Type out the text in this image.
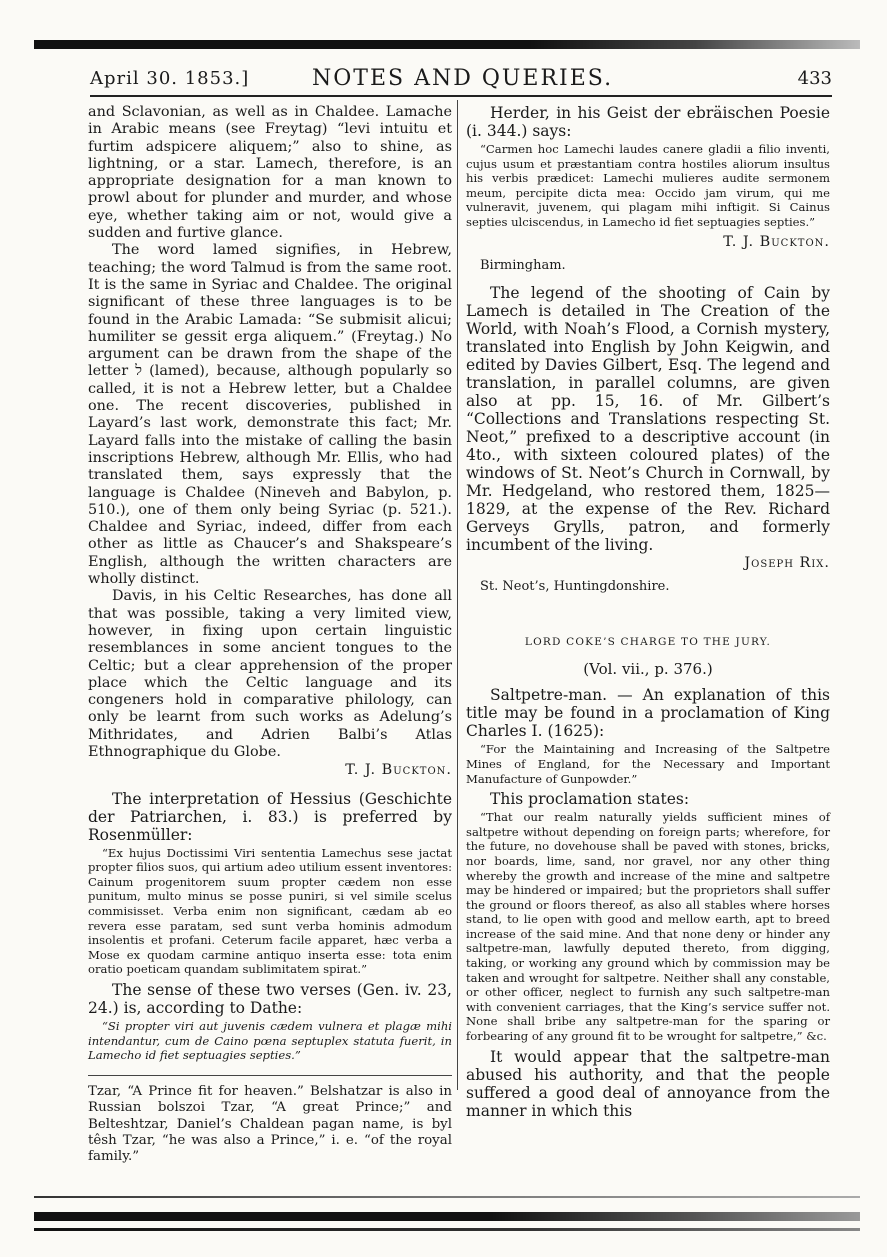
April 30. 1853.]	NOTES AND QUERIES.	433

and Sclavonian, as well as in Chaldee. Lamache in Arabic means (see Freytag) “levi intuitu et furtim adspicere aliquem;” also to shine, as lightning, or a star. Lamech, therefore, is an appropriate designation for a man known to prowl about for plunder and murder, and whose eye, whether taking aim or not, would give a sudden and furtive glance.

The word lamed signifies, in Hebrew, teaching; the word Talmud is from the same root. It is the same in Syriac and Chaldee. The original significant of these three languages is to be found in the Arabic Lamada: “Se submisit alicui; humiliter se gessit erga aliquem.” (Freytag.) No argument can be drawn from the shape of the letter ל (lamed), because, although popularly so called, it is not a Hebrew letter, but a Chaldee one. The recent discoveries, published in Layard’s last work, demonstrate this fact; Mr. Layard falls into the mistake of calling the basin inscriptions Hebrew, although Mr. Ellis, who had translated them, says expressly that the language is Chaldee (Nineveh and Babylon, p. 510.), one of them only being Syriac (p. 521.). Chaldee and Syriac, indeed, differ from each other as little as Chaucer’s and Shakspeare’s English, although the written characters are wholly distinct.

Davis, in his Celtic Researches, has done all that was possible, taking a very limited view, however, in fixing upon certain linguistic resemblances in some ancient tongues to the Celtic; but a clear apprehension of the proper place which the Celtic language and its congeners hold in comparative philology, can only be learnt from such works as Adelung’s Mithridates, and Adrien Balbi’s Atlas Ethnographique du Globe.

T. J. Buckton.

The interpretation of Hessius (Geschichte der Patriarchen, i. 83.) is preferred by Rosenmüller:

“Ex hujus Doctissimi Viri sententia Lamechus sese jactat propter filios suos, qui artium adeo utilium essent inventores: Cainum progenitorem suum propter cædem non esse punitum, multo minus se posse puniri, si vel simile scelus commisisset. Verba enim non significant, cædam ab eo revera esse paratam, sed sunt verba hominis admodum insolentis et profani. Ceterum facile apparet, hæc verba a Mose ex quodam carmine antiquo inserta esse: tota enim oratio poeticam quandam sublimitatem spirat.”

The sense of these two verses (Gen. iv. 23, 24.) is, according to Dathe:

“Si propter viri aut juvenis cædem vulnera et plagæ mihi intendantur, cum de Caino pœna septuplex statuta fuerit, in Lamecho id fiet septuagies septies.”

Tzar, “A Prince fit for heaven.” Belshatzar is also in Russian bolszoi Tzar, “A great Prince;” and Belteshtzar, Daniel’s Chaldean pagan name, is byl têsh Tzar, “he was also a Prince,” i. e. “of the royal family.”

Herder, in his Geist der ebräischen Poesie (i. 344.) says:

“Carmen hoc Lamechi laudes canere gladii a filio inventi, cujus usum et præstantiam contra hostiles aliorum insultus his verbis prædicet: Lamechi mulieres audite sermonem meum, percipite dicta mea: Occido jam virum, qui me vulneravit, juvenem, qui plagam mihi inftigit. Si Cainus septies ulciscendus, in Lamecho id fiet septuagies septies.”

T. J. Buckton.

Birmingham.

The legend of the shooting of Cain by Lamech is detailed in The Creation of the World, with Noah’s Flood, a Cornish mystery, translated into English by John Keigwin, and edited by Davies Gilbert, Esq. The legend and translation, in parallel columns, are given also at pp. 15, 16. of Mr. Gilbert’s “Collections and Translations respecting St. Neot,” prefixed to a descriptive account (in 4to., with sixteen coloured plates) of the windows of St. Neot’s Church in Cornwall, by Mr. Hedgeland, who restored them, 1825—1829, at the expense of the Rev. Richard Gerveys Grylls, patron, and formerly incumbent of the living.

Joseph Rix.

St. Neot’s, Huntingdonshire.

LORD COKE’S CHARGE TO THE JURY.

(Vol. vii., p. 376.)

Saltpetre-man. — An explanation of this title may be found in a proclamation of King Charles I. (1625):

“For the Maintaining and Increasing of the Saltpetre Mines of England, for the Necessary and Important Manufacture of Gunpowder.”

This proclamation states:

“That our realm naturally yields sufficient mines of saltpetre without depending on foreign parts; wherefore, for the future, no dovehouse shall be paved with stones, bricks, nor boards, lime, sand, nor gravel, nor any other thing whereby the growth and increase of the mine and saltpetre may be hindered or impaired; but the proprietors shall suffer the ground or floors thereof, as also all stables where horses stand, to lie open with good and mellow earth, apt to breed increase of the said mine. And that none deny or hinder any saltpetre-man, lawfully deputed thereto, from digging, taking, or working any ground which by commission may be taken and wrought for saltpetre. Neither shall any constable, or other officer, neglect to furnish any such saltpetre-man with convenient carriages, that the King’s service suffer not. None shall bribe any saltpetre-man for the sparing or forbearing of any ground fit to be wrought for saltpetre,” &c.

It would appear that the saltpetre-man abused his authority, and that the people suffered a good deal of annoyance from the manner in which this
